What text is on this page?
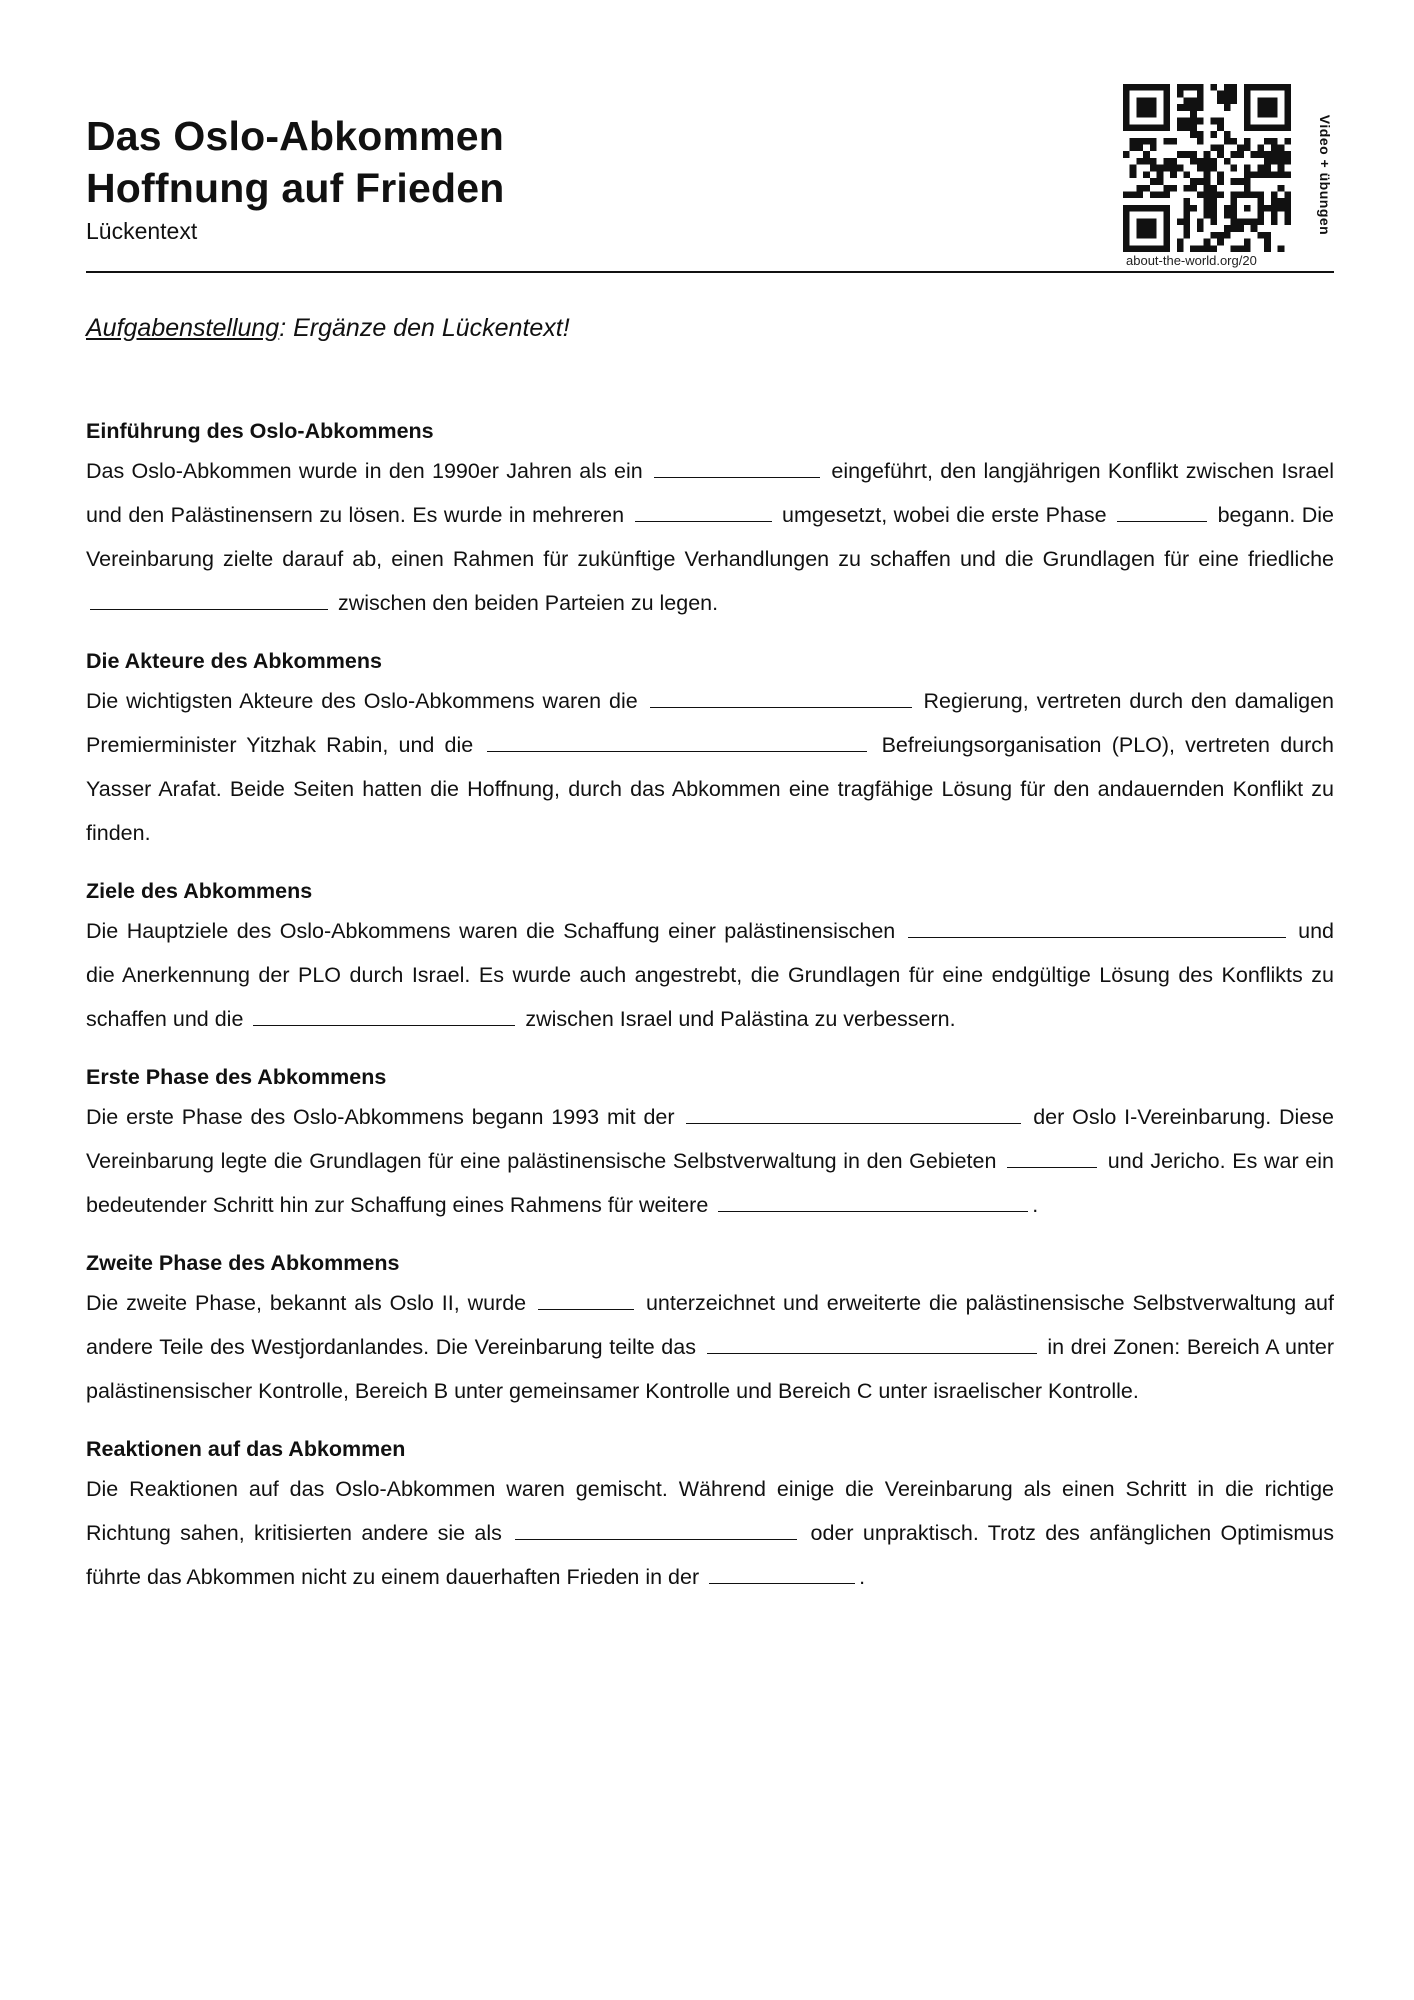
Das Oslo-Abkommen
Hoffnung auf Frieden
Lückentext
about-the-world.org/20
Video + übungen
Aufgabenstellung: Ergänze den Lückentext!
Einführung des Oslo-Abkommens

Das Oslo-Abkommen wurde in den 1990er Jahren als ein	eingeführt, den langjährigen Konflikt zwischen Israel und den Palästinensern zu lösen. Es wurde in mehreren	umgesetzt, wobei die erste Phase	begann. Die Vereinbarung zielte darauf ab, einen Rahmen für zukünftige Verhandlungen zu schaffen und die Grundlagen für eine friedliche  zwischen den beiden Parteien zu legen.

Die Akteure des Abkommens

Die wichtigsten Akteure des Oslo-Abkommens waren die	Regierung, vertreten durch den damaligen Premierminister Yitzhak Rabin, und die	Befreiungsorganisation (PLO), vertreten durch Yasser Arafat. Beide Seiten hatten die Hoffnung, durch das Abkommen eine tragfähige Lösung für den andauernden Konflikt zu finden.

Ziele des Abkommens

Die Hauptziele des Oslo-Abkommens waren die Schaffung einer palästinensischen	und die Anerkennung der PLO durch Israel. Es wurde auch angestrebt, die Grundlagen für eine endgültige Lösung des Konflikts zu schaffen und die	zwischen Israel und Palästina zu verbessern.

Erste Phase des Abkommens

Die erste Phase des Oslo-Abkommens begann 1993 mit der	der Oslo I-Vereinbarung. Diese Vereinbarung legte die Grundlagen für eine palästinensische Selbstverwaltung in den Gebieten	und Jericho. Es war ein bedeutender Schritt hin zur Schaffung eines Rahmens für weitere	.

Zweite Phase des Abkommens

Die zweite Phase, bekannt als Oslo II, wurde	unterzeichnet und erweiterte die palästinensische Selbstverwaltung auf andere Teile des Westjordanlandes. Die Vereinbarung teilte das	in drei Zonen: Bereich A unter palästinensischer Kontrolle, Bereich B unter gemeinsamer Kontrolle und Bereich C unter israelischer Kontrolle.

Reaktionen auf das Abkommen

Die Reaktionen auf das Oslo-Abkommen waren gemischt. Während einige die Vereinbarung als einen Schritt in die richtige Richtung sahen, kritisierten andere sie als	oder unpraktisch. Trotz des anfänglichen Optimismus führte das Abkommen nicht zu einem dauerhaften Frieden in der	.
